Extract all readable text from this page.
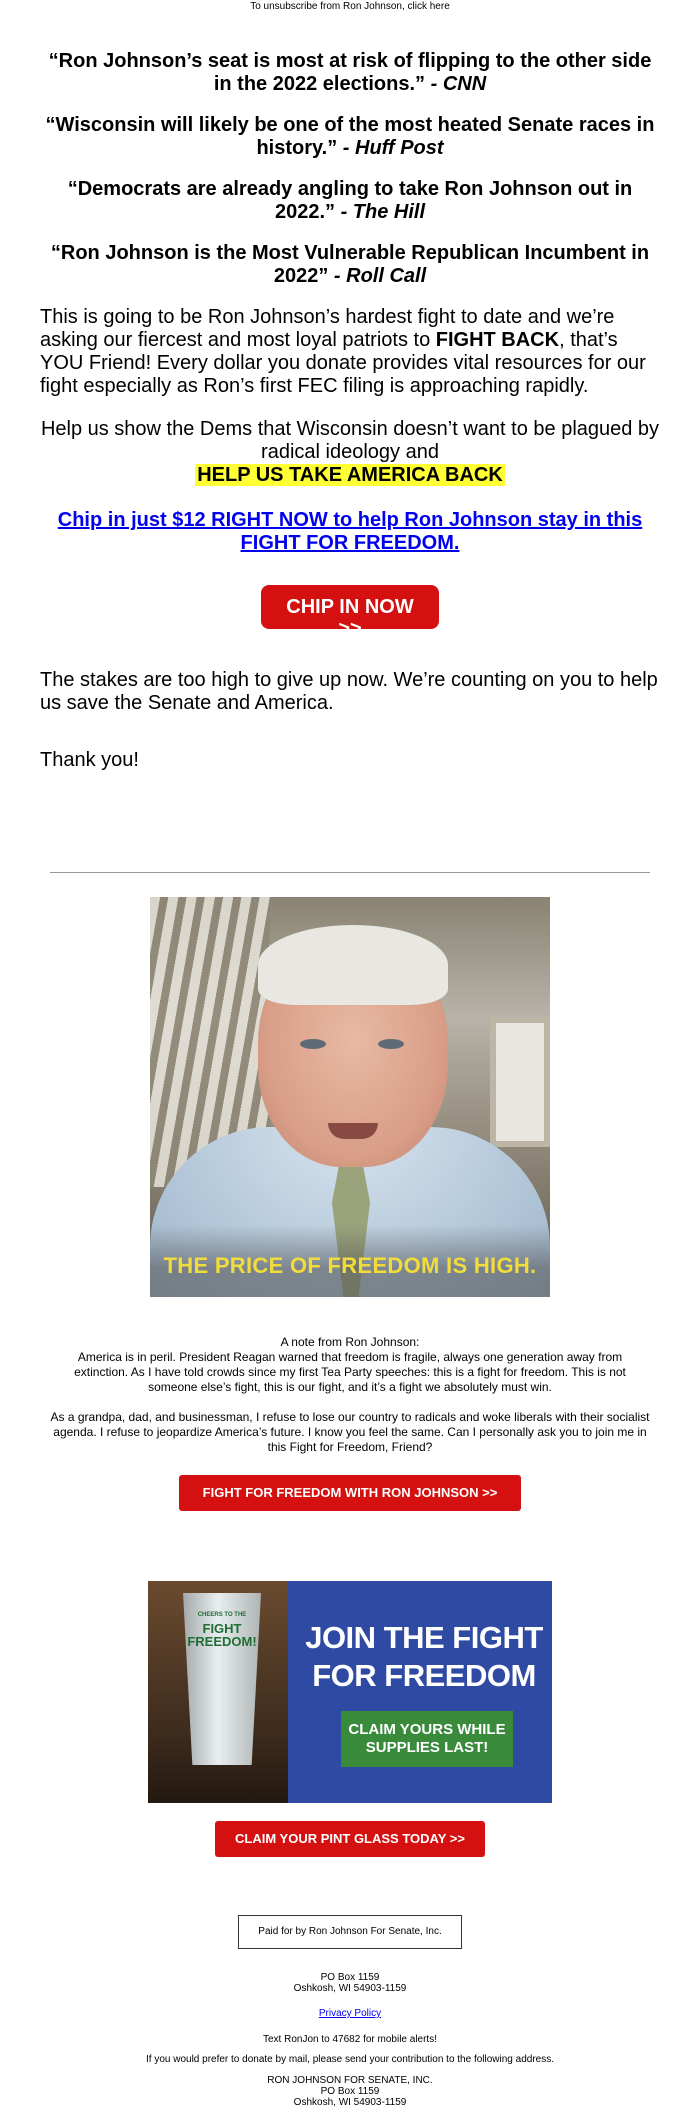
To unsubscribe from Ron Johnson, click here

“Ron Johnson’s seat is most at risk of flipping to the other side in the 2022 elections.” - CNN

“Wisconsin will likely be one of the most heated Senate races in history.” - Huff Post

“Democrats are already angling to take Ron Johnson out in 2022.” - The Hill

“Ron Johnson is the Most Vulnerable Republican Incumbent in 2022” - Roll Call

This is going to be Ron Johnson’s hardest fight to date and we’re asking our fiercest and most loyal patriots to FIGHT BACK, that’s YOU Friend! Every dollar you donate provides vital resources for our fight especially as Ron’s first FEC filing is approaching rapidly.

Help us show the Dems that Wisconsin doesn’t want to be plagued by radical ideology and
HELP US TAKE AMERICA BACK

Chip in just $12 RIGHT NOW to help Ron Johnson stay in this FIGHT FOR FREEDOM.
CHIP IN NOW >>

The stakes are too high to give up now. We’re counting on you to help us save the Senate and America.

Thank you!

THE PRICE OF FREEDOM IS HIGH.

A note from Ron Johnson:
America is in peril. President Reagan warned that freedom is fragile, always one generation away from extinction. As I have told crowds since my first Tea Party speeches: this is a fight for freedom. This is not someone else’s fight, this is our fight, and it’s a fight we absolutely must win.

As a grandpa, dad, and businessman, I refuse to lose our country to radicals and woke liberals with their socialist agenda. I refuse to jeopardize America’s future. I know you feel the same. Can I personally ask you to join me in this Fight for Freedom, Friend?

FIGHT FOR FREEDOM WITH RON JOHNSON >>
CHEERS TO THE
FIGHT
FREEDOM! JOIN THE FIGHT FOR FREEDOM
CLAIM YOURS WHILE SUPPLIES LAST!
CLAIM YOUR PINT GLASS TODAY >>
Paid for by Ron Johnson For Senate, Inc.
PO Box 1159
Oshkosh, WI 54903-1159
Privacy Policy
Text RonJon to 47682 for mobile alerts!
If you would prefer to donate by mail, please send your contribution to the following address.
RON JOHNSON FOR SENATE, INC.
PO Box 1159
Oshkosh, WI 54903-1159
